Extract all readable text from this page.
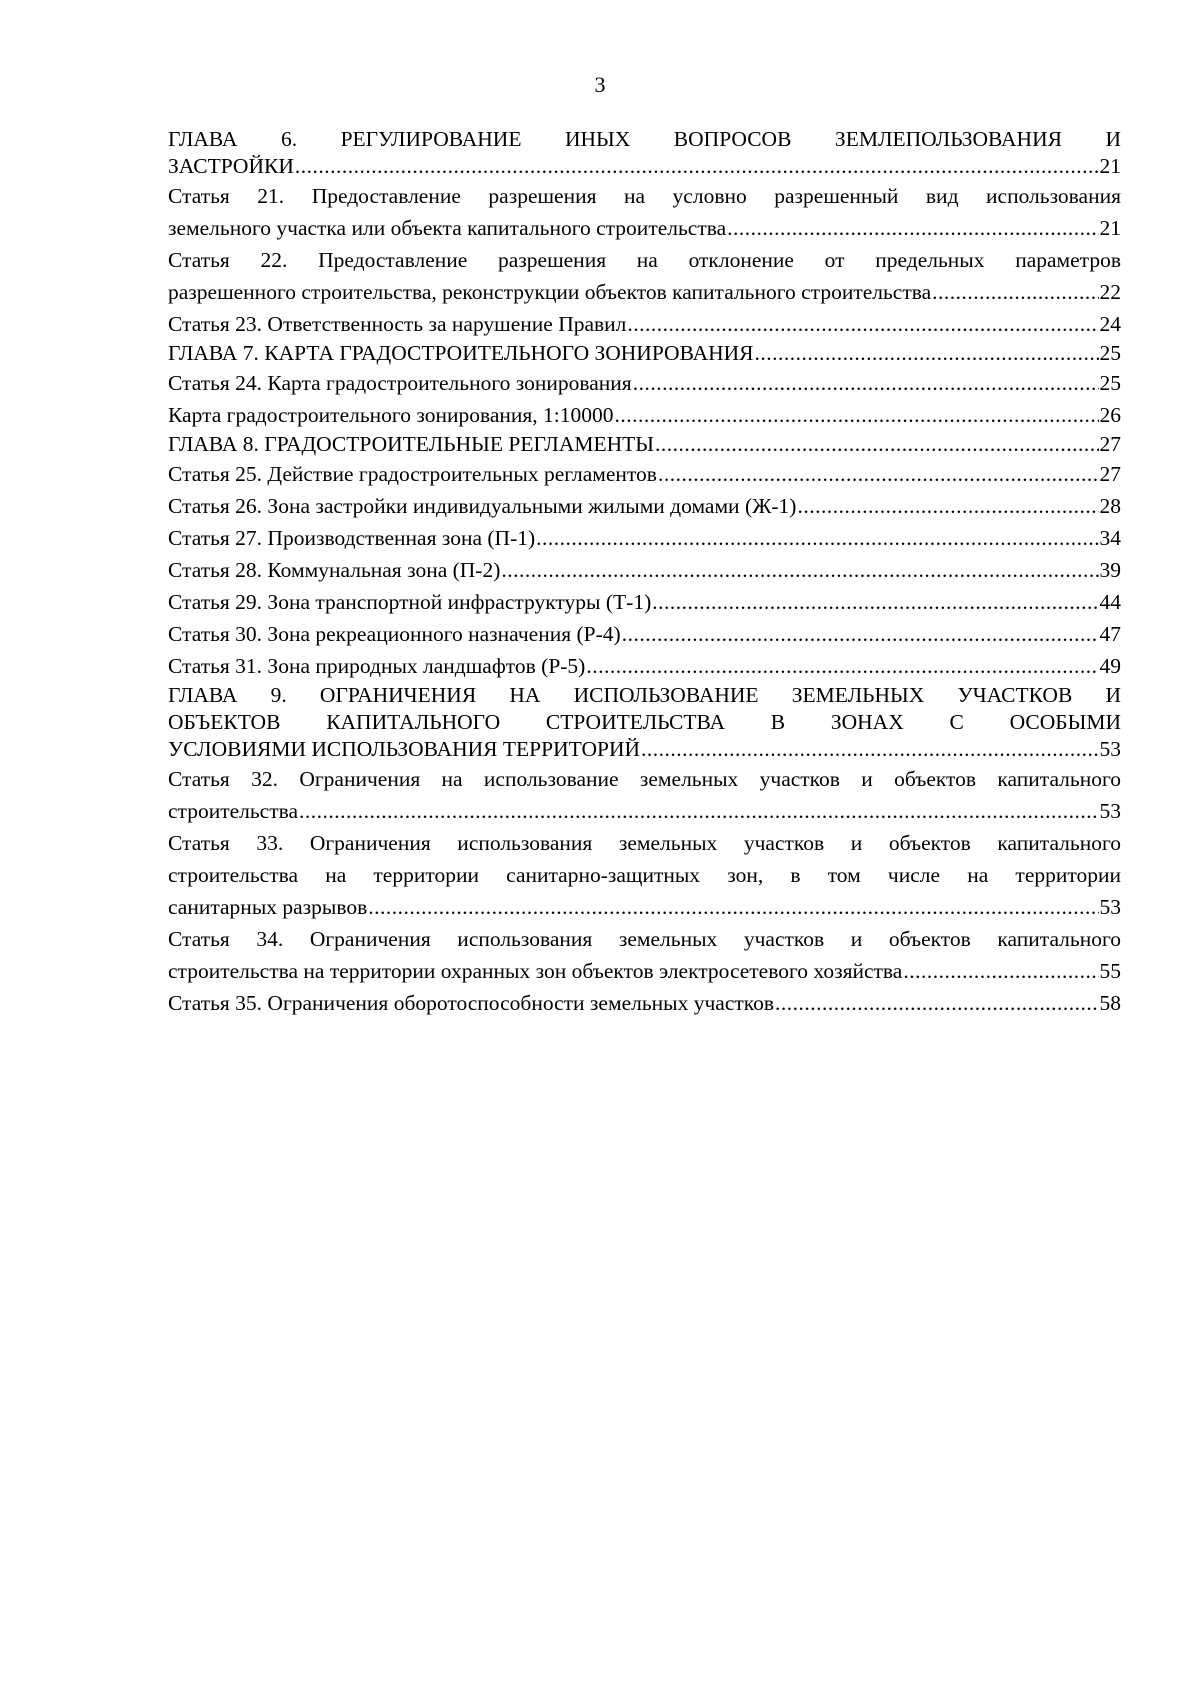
3
ГЛАВА 6. РЕГУЛИРОВАНИЕ ИНЫХ ВОПРОСОВ ЗЕМЛЕПОЛЬЗОВАНИЯ И
ЗАСТРОЙКИ .....	21
Статья 21. Предоставление разрешения на условно разрешенный вид использования
земельного участка или объекта капитального строительства .....	21
Статья 22. Предоставление разрешения на отклонение от предельных параметров
разрешенного строительства, реконструкции объектов капитального строительства .....	22
Статья 23. Ответственность за нарушение Правил .....	24
ГЛАВА 7. КАРТА ГРАДОСТРОИТЕЛЬНОГО ЗОНИРОВАНИЯ .....	25
Статья 24. Карта градостроительного зонирования .....	25
Карта градостроительного зонирования, 1:10000 .....	26
ГЛАВА 8. ГРАДОСТРОИТЕЛЬНЫЕ РЕГЛАМЕНТЫ .....	27
Статья 25. Действие градостроительных регламентов .....	27
Статья 26. Зона застройки индивидуальными жилыми домами (Ж-1) .....	28
Статья 27. Производственная зона (П-1) .....	34
Статья 28. Коммунальная зона (П-2) .....	39
Статья 29. Зона транспортной инфраструктуры (Т-1) .....	44
Статья 30. Зона рекреационного назначения (Р-4) .....	47
Статья 31. Зона природных ландшафтов (Р-5) .....	49
ГЛАВА 9. ОГРАНИЧЕНИЯ НА ИСПОЛЬЗОВАНИЕ ЗЕМЕЛЬНЫХ УЧАСТКОВ И
ОБЪЕКТОВ КАПИТАЛЬНОГО СТРОИТЕЛЬСТВА В ЗОНАХ С ОСОБЫМИ
УСЛОВИЯМИ ИСПОЛЬЗОВАНИЯ ТЕРРИТОРИЙ .....	53
Статья 32. Ограничения на использование земельных участков и объектов капитального
строительства .....	53
Статья 33. Ограничения использования земельных участков и объектов капитального
строительства на территории санитарно-защитных зон, в том числе на территории
санитарных разрывов .....	53
Статья 34. Ограничения использования земельных участков и объектов капитального
строительства на территории охранных зон объектов электросетевого хозяйства .....	55
Статья 35. Ограничения оборотоспособности земельных участков .....	58
